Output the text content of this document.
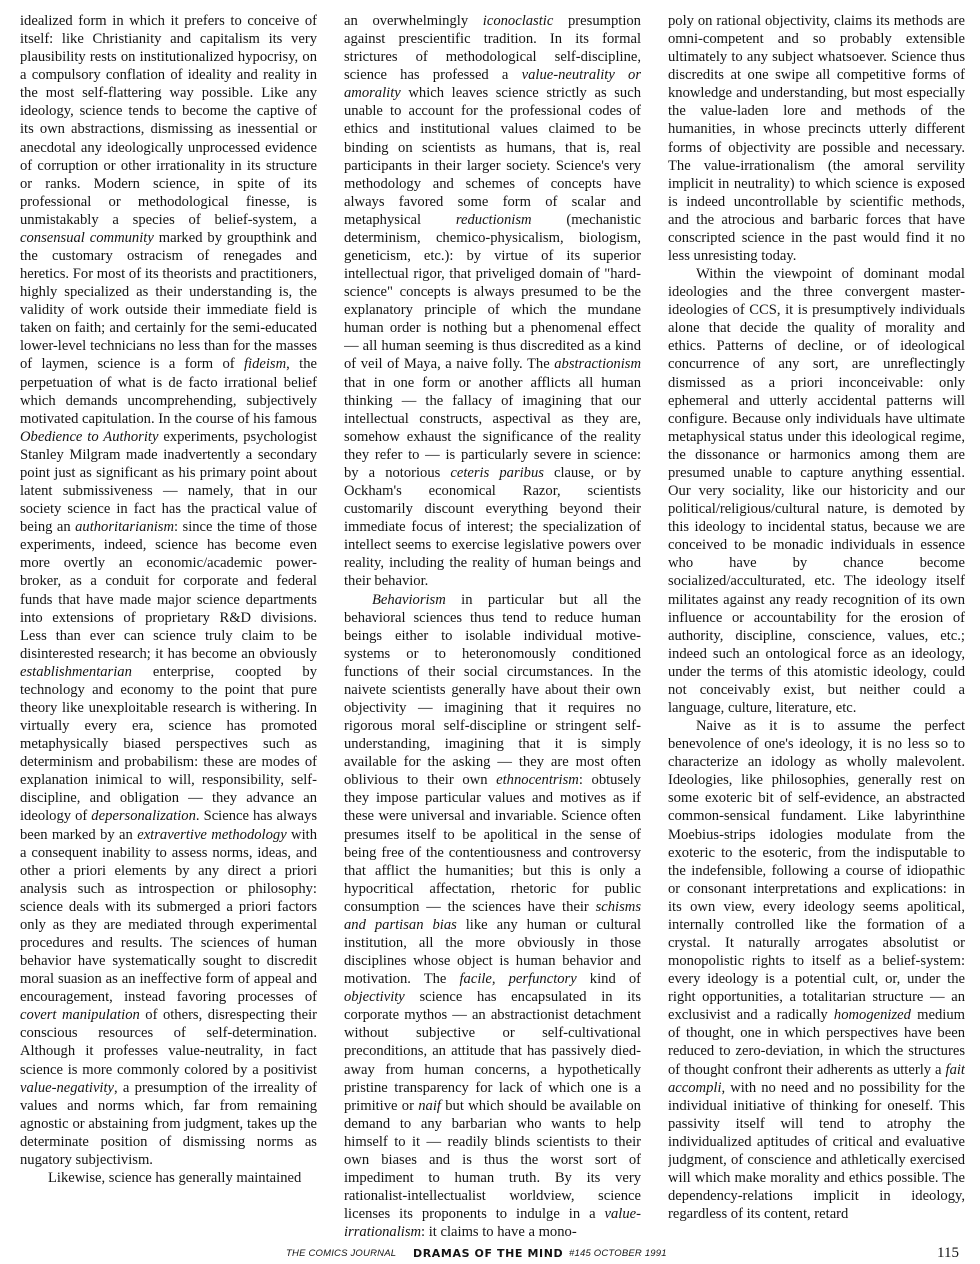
idealized form in which it prefers to conceive of itself: like Christianity and capitalism its very plausibility rests on institutionalized hypocrisy, on a compulsory conflation of ideality and reality in the most self-flattering way possible. Like any ideology, science tends to become the captive of its own abstractions, dismissing as inessential or anecdotal any ideologically unprocessed evidence of corruption or other irrationality in its structure or ranks. Modern science, in spite of its professional or methodological finesse, is unmistakably a species of belief-system, a consensual community marked by groupthink and the customary ostracism of renegades and heretics. For most of its theorists and practitioners, highly specialized as their understanding is, the validity of work outside their immediate field is taken on faith; and certainly for the semi-educated lower-level technicians no less than for the masses of laymen, science is a form of fideism, the perpetuation of what is de facto irrational belief which demands uncomprehending, subjectively motivated capitulation. In the course of his famous Obedience to Authority experiments, psychologist Stanley Milgram made inadvertently a secondary point just as significant as his primary point about latent submissiveness — namely, that in our society science in fact has the practical value of being an authoritarianism: since the time of those experiments, indeed, science has become even more overtly an economic/academic power-broker, as a conduit for corporate and federal funds that have made major science departments into extensions of proprietary R&D divisions. Less than ever can science truly claim to be disinterested research; it has become an obviously establishmentarian enterprise, coopted by technology and economy to the point that pure theory like unexploitable research is withering. In virtually every era, science has promoted metaphysically biased perspectives such as determinism and probabilism: these are modes of explanation inimical to will, responsibility, self-discipline, and obligation — they advance an ideology of depersonalization. Science has always been marked by an extravertive methodology with a consequent inability to assess norms, ideas, and other a priori elements by any direct a priori analysis such as introspection or philosophy: science deals with its submerged a priori factors only as they are mediated through experimental procedures and results. The sciences of human behavior have systematically sought to discredit moral suasion as an ineffective form of appeal and encouragement, instead favoring processes of covert manipulation of others, disrespecting their conscious resources of self-determination. Although it professes value-neutrality, in fact science is more commonly colored by a positivist value-negativity, a presumption of the irreality of values and norms which, far from remaining agnostic or abstaining from judgment, takes up the determinate position of dismissing norms as nugatory subjectivism.

Likewise, science has generally maintained

an overwhelmingly iconoclastic presumption against prescientific tradition. In its formal strictures of methodological self-discipline, science has professed a value-neutrality or amorality which leaves science strictly as such unable to account for the professional codes of ethics and institutional values claimed to be binding on scientists as humans, that is, real participants in their larger society. Science's very methodology and schemes of concepts have always favored some form of scalar and metaphysical reductionism (mechanistic determinism, chemico-physicalism, biologism, geneticism, etc.): by virtue of its superior intellectual rigor, that priveliged domain of "hard-science" concepts is always presumed to be the explanatory principle of which the mundane human order is nothing but a phenomenal effect — all human seeming is thus discredited as a kind of veil of Maya, a naive folly. The abstractionism that in one form or another afflicts all human thinking — the fallacy of imagining that our intellectual constructs, aspectival as they are, somehow exhaust the significance of the reality they refer to — is particularly severe in science: by a notorious ceteris paribus clause, or by Ockham's economical Razor, scientists customarily discount everything beyond their immediate focus of interest; the specialization of intellect seems to exercise legislative powers over reality, including the reality of human beings and their behavior.

Behaviorism in particular but all the behavioral sciences thus tend to reduce human beings either to isolable individual motive-systems or to heteronomously conditioned functions of their social circumstances. In the naivete scientists generally have about their own objectivity — imagining that it requires no rigorous moral self-discipline or stringent self-understanding, imagining that it is simply available for the asking — they are most often oblivious to their own ethnocentrism: obtusely they impose particular values and motives as if these were universal and invariable. Science often presumes itself to be apolitical in the sense of being free of the contentiousness and controversy that afflict the humanities; but this is only a hypocritical affectation, rhetoric for public consumption — the sciences have their schisms and partisan bias like any human or cultural institution, all the more obviously in those disciplines whose object is human behavior and motivation. The facile, perfunctory kind of objectivity science has encapsulated in its corporate mythos — an abstractionist detachment without subjective or self-cultivational preconditions, an attitude that has passively died-away from human concerns, a hypothetically pristine transparency for lack of which one is a primitive or naif but which should be available on demand to any barbarian who wants to help himself to it — readily blinds scientists to their own biases and is thus the worst sort of impediment to human truth. By its very rationalist-intellectualist worldview, science licenses its proponents to indulge in a value-irrationalism: it claims to have a mono-

poly on rational objectivity, claims its methods are omni-competent and so probably extensible ultimately to any subject whatsoever. Science thus discredits at one swipe all competitive forms of knowledge and understanding, but most especially the value-laden lore and methods of the humanities, in whose precincts utterly different forms of objectivity are possible and necessary. The value-irrationalism (the amoral servility implicit in neutrality) to which science is exposed is indeed uncontrollable by scientific methods, and the atrocious and barbaric forces that have conscripted science in the past would find it no less unresisting today.

Within the viewpoint of dominant modal ideologies and the three convergent master-ideologies of CCS, it is presumptively individuals alone that decide the quality of morality and ethics. Patterns of decline, or of ideological concurrence of any sort, are unreflectingly dismissed as a priori inconceivable: only ephemeral and utterly accidental patterns will configure. Because only individuals have ultimate metaphysical status under this ideological regime, the dissonance or harmonics among them are presumed unable to capture anything essential. Our very sociality, like our historicity and our political/religious/cultural nature, is demoted by this ideology to incidental status, because we are conceived to be monadic individuals in essence who have by chance become socialized/acculturated, etc. The ideology itself militates against any ready recognition of its own influence or accountability for the erosion of authority, discipline, conscience, values, etc.; indeed such an ontological force as an ideology, under the terms of this atomistic ideology, could not conceivably exist, but neither could a language, culture, literature, etc.

Naive as it is to assume the perfect benevolence of one's ideology, it is no less so to characterize an idology as wholly malevolent. Ideologies, like philosophies, generally rest on some exoteric bit of self-evidence, an abstracted common-sensical fundament. Like labyrinthine Moebius-strips idologies modulate from the exoteric to the esoteric, from the indisputable to the indefensible, following a course of idiopathic or consonant interpretations and explications: in its own view, every ideology seems apolitical, internally controlled like the formation of a crystal. It naturally arrogates absolutist or monopolistic rights to itself as a belief-system: every ideology is a potential cult, or, under the right opportunities, a totalitarian structure — an exclusivist and a radically homogenized medium of thought, one in which perspectives have been reduced to zero-deviation, in which the structures of thought confront their adherents as utterly a fait accompli, with no need and no possibility for the individual initiative of thinking for oneself. This passivity itself will tend to atrophy the individualized aptitudes of critical and evaluative judgment, of conscience and athletically exercised will which make morality and ethics possible. The dependency-relations implicit in ideology, regardless of its content, retard

THE COMICS JOURNAL DRAMAS OF THE MIND #145 OCTOBER 1991	115
